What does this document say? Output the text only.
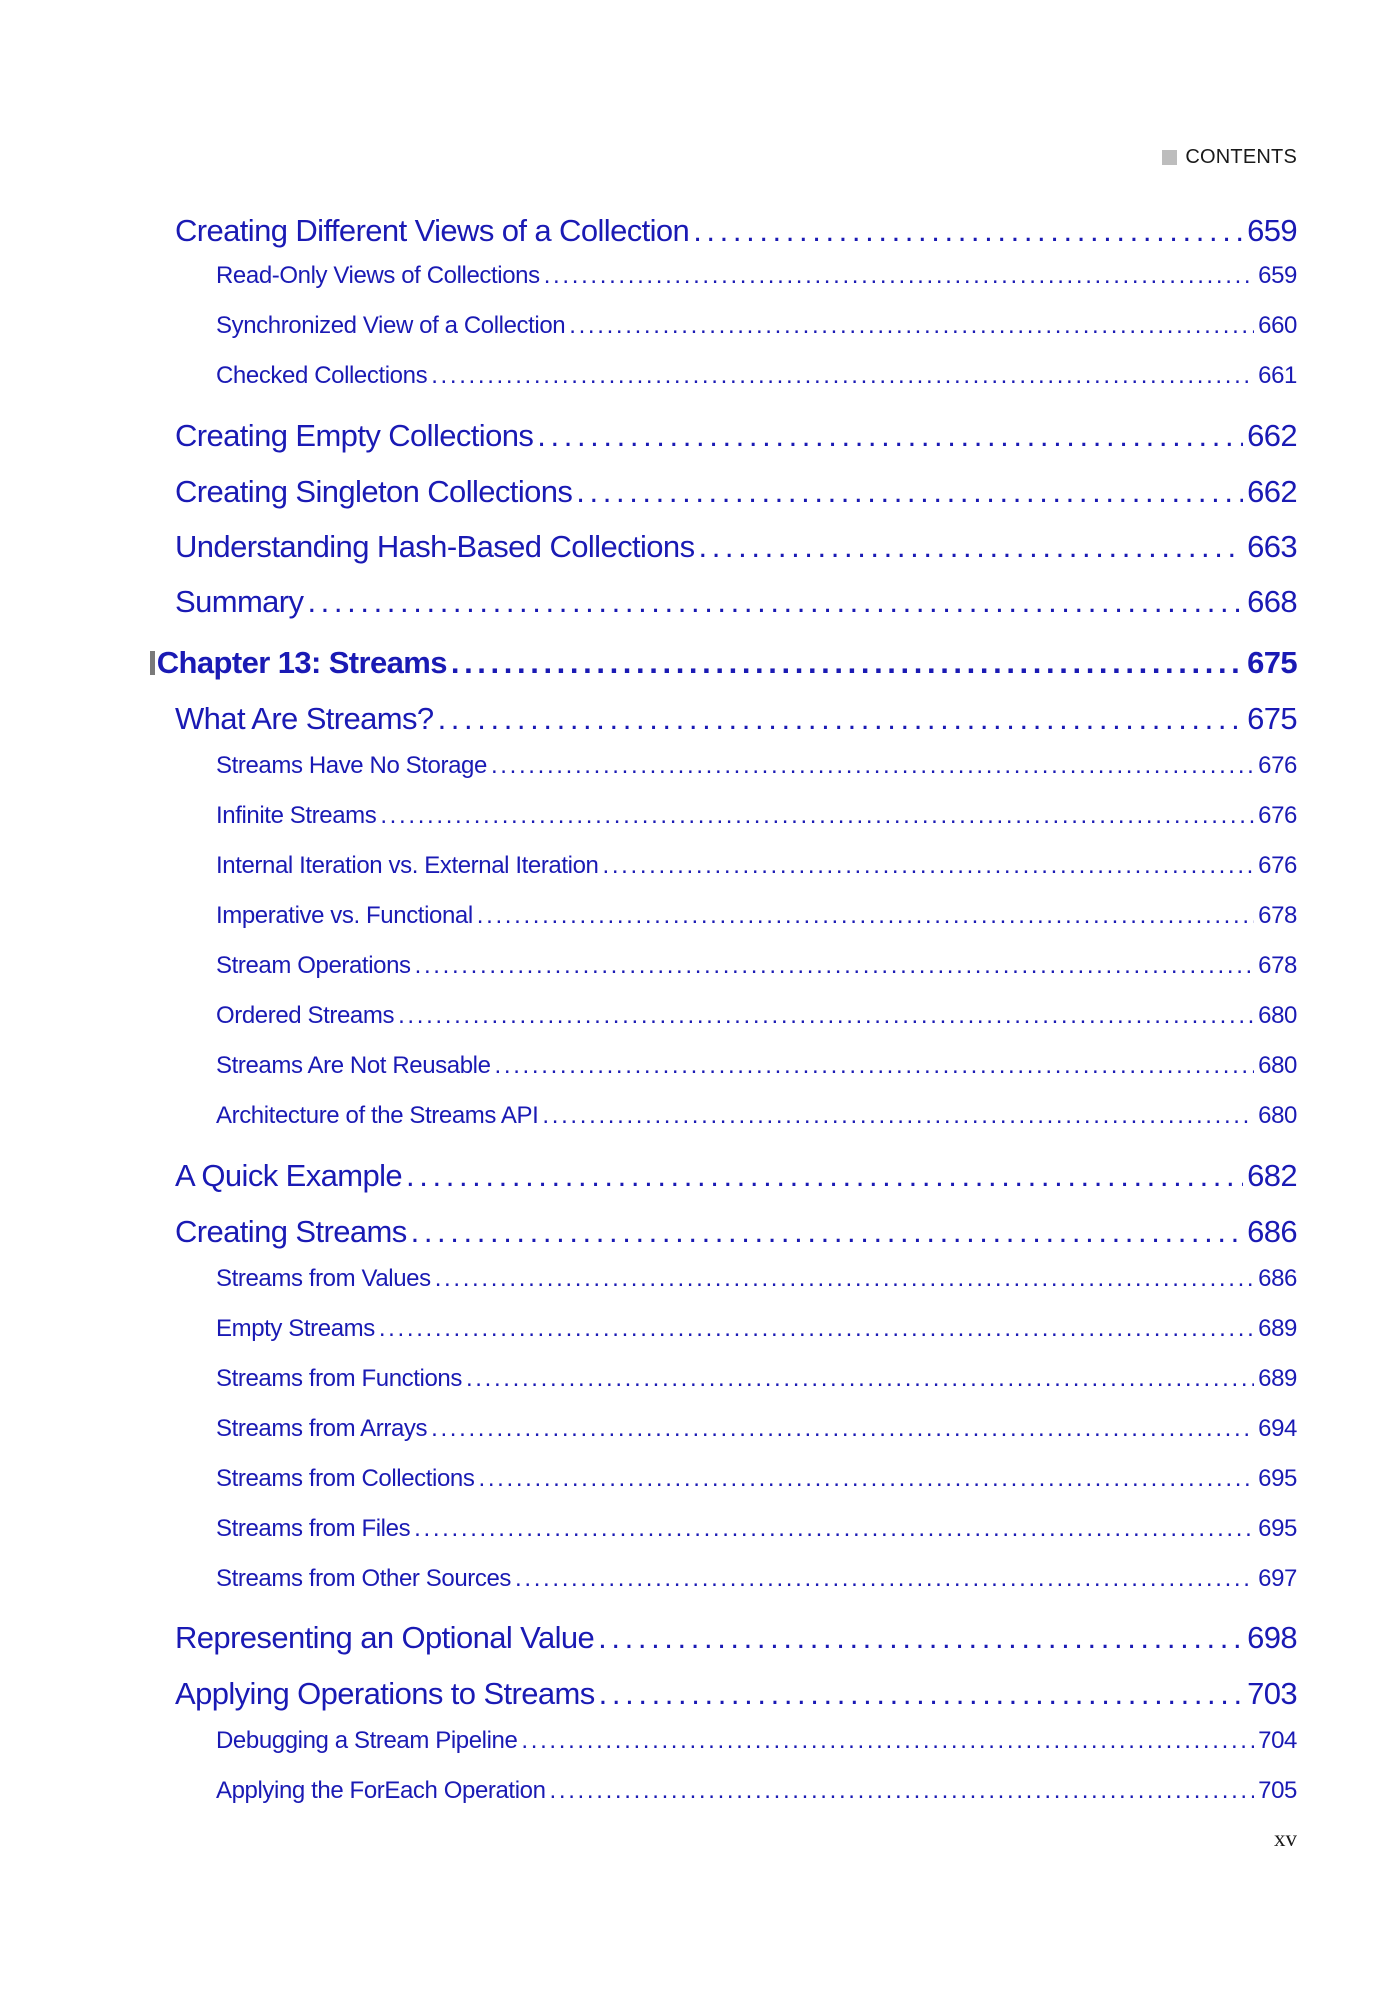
CONTENTS
Creating Different Views of a Collection . . .	659
Read-Only Views of Collections . . .	659
Synchronized View of a Collection . . .	660
Checked Collections . . .	661
Creating Empty Collections . . .	662
Creating Singleton Collections . . .	662
Understanding Hash-Based Collections . . .	663
Summary . . .	668
Chapter 13: Streams . . .	675
What Are Streams? . . .	675
Streams Have No Storage . . .	676
Infinite Streams . . .	676
Internal Iteration vs. External Iteration . . .	676
Imperative vs. Functional . . .	678
Stream Operations . . .	678
Ordered Streams . . .	680
Streams Are Not Reusable . . .	680
Architecture of the Streams API . . .	680
A Quick Example . . .	682
Creating Streams . . .	686
Streams from Values . . .	686
Empty Streams . . .	689
Streams from Functions . . .	689
Streams from Arrays . . .	694
Streams from Collections . . .	695
Streams from Files . . .	695
Streams from Other Sources . . .	697
Representing an Optional Value . . .	698
Applying Operations to Streams . . .	703
Debugging a Stream Pipeline . . .	704
Applying the ForEach Operation . . .	705
xv
